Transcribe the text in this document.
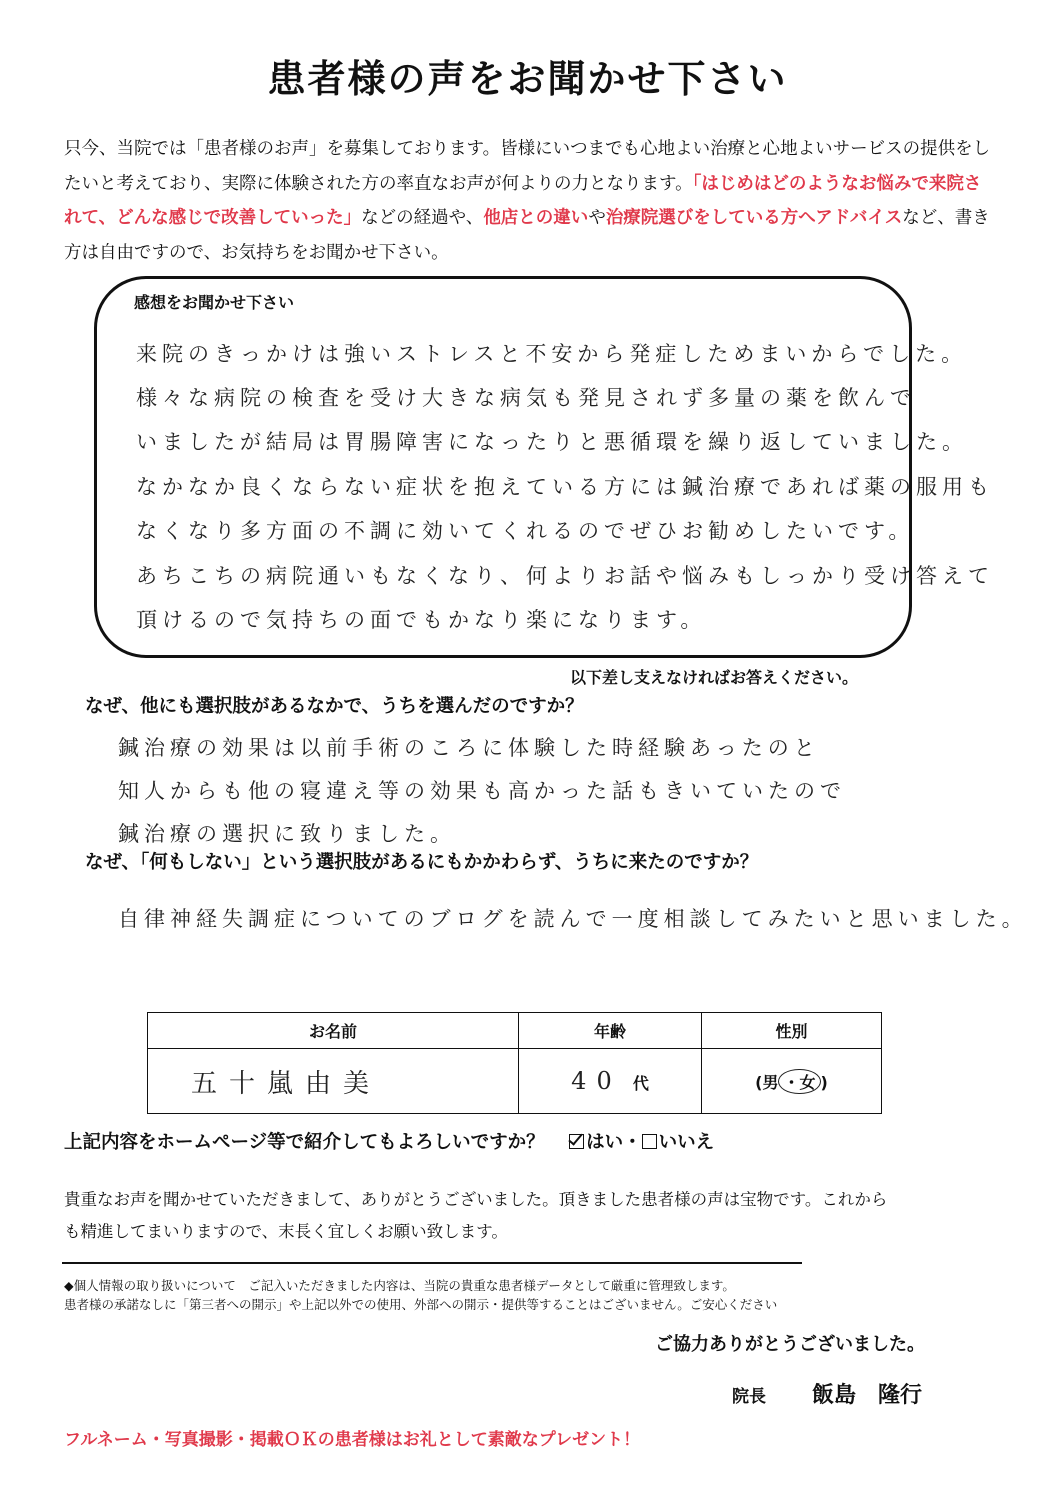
患者様の声をお聞かせ下さい
只今、当院では「患者様のお声」を募集しております。皆様にいつまでも心地よい治療と心地よいサービスの提供をしたいと考えており、実際に体験された方の率直なお声が何よりの力となります。「はじめはどのようなお悩みで来院されて、どんな感じで改善していった」などの経過や、他店との違いや治療院選びをしている方へアドバイスなど、書き方は自由ですので、お気持ちをお聞かせ下さい。
感想をお聞かせ下さい
来院のきっかけは強いストレスと不安から発症しためまいからでした。
様々な病院の検査を受け大きな病気も発見されず多量の薬を飲んで
いましたが結局は胃腸障害になったりと悪循環を繰り返していました。
なかなか良くならない症状を抱えている方には鍼治療であれば薬の服用も
なくなり多方面の不調に効いてくれるのでぜひお勧めしたいです。
あちこちの病院通いもなくなり、何よりお話や悩みもしっかり受け答えて
頂けるので気持ちの面でもかなり楽になります。
以下差し支えなければお答えください。
なぜ、他にも選択肢があるなかで、うちを選んだのですか？
鍼治療の効果は以前手術のころに体験した時経験あったのと
知人からも他の寝違え等の効果も高かった話もきいていたので
鍼治療の選択に致りました。
なぜ、「何もしない」という選択肢があるにもかかわらず、うちに来たのですか？
自律神経失調症についてのブログを読んで一度相談してみたいと思いました。
お名前	年齢	性別
五十嵐由美	40 代	(男 ・女 )
上記内容をホームページ等で紹介してもよろしいですか？ はい・ いいえ
貴重なお声を聞かせていただきまして、ありがとうございました。頂きました患者様の声は宝物です。これから
も精進してまいりますので、末長く宜しくお願い致します。
◆個人情報の取り扱いについて　ご記入いただきました内容は、当院の貴重な患者様データとして厳重に管理致します。
患者様の承諾なしに「第三者への開示」や上記以外での使用、外部への開示・提供等することはございません。ご安心ください
ご協力ありがとうございました。
院長 飯島　隆行
フルネーム・写真撮影・掲載ＯＫの患者様はお礼として素敵なプレゼント！
